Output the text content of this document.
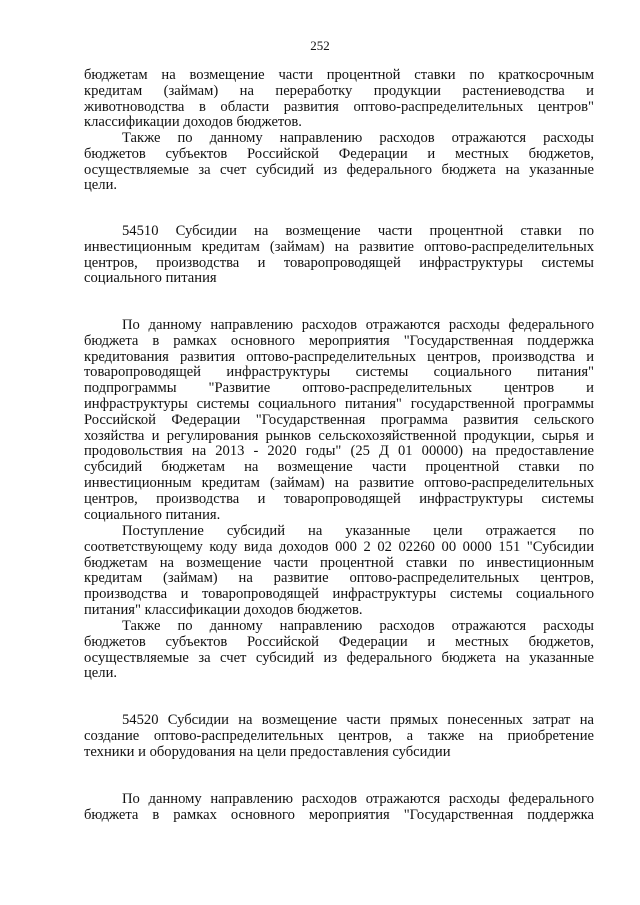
252
бюджетам на возмещение части процентной ставки по краткосрочным
кредитам (займам) на переработку продукции растениеводства и
животноводства в области развития оптово-распределительных центров"
классификации доходов бюджетов.
Также по данному направлению расходов отражаются расходы
бюджетов субъектов Российской Федерации и местных бюджетов,
осуществляемые за счет субсидий из федерального бюджета на указанные
цели.
54510 Субсидии на возмещение части процентной ставки по
инвестиционным кредитам (займам) на развитие оптово-распределительных
центров, производства и товаропроводящей инфраструктуры системы
социального питания
По данному направлению расходов отражаются расходы федерального
бюджета в рамках основного мероприятия "Государственная поддержка
кредитования развития оптово-распределительных центров, производства и
товаропроводящей инфраструктуры системы социального питания"
подпрограммы "Развитие оптово-распределительных центров и
инфраструктуры системы социального питания" государственной программы
Российской Федерации "Государственная программа развития сельского
хозяйства и регулирования рынков сельскохозяйственной продукции, сырья и
продовольствия на 2013 - 2020 годы" (25 Д 01 00000) на предоставление
субсидий бюджетам на возмещение части процентной ставки по
инвестиционным кредитам (займам) на развитие оптово-распределительных
центров, производства и товаропроводящей инфраструктуры системы
социального питания.
Поступление субсидий на указанные цели отражается по
соответствующему коду вида доходов 000 2 02 02260 00 0000 151 "Субсидии
бюджетам на возмещение части процентной ставки по инвестиционным
кредитам (займам) на развитие оптово-распределительных центров,
производства и товаропроводящей инфраструктуры системы социального
питания" классификации доходов бюджетов.
Также по данному направлению расходов отражаются расходы
бюджетов субъектов Российской Федерации и местных бюджетов,
осуществляемые за счет субсидий из федерального бюджета на указанные
цели.
54520 Субсидии на возмещение части прямых понесенных затрат на
создание оптово-распределительных центров, а также на приобретение
техники и оборудования на цели предоставления субсидии
По данному направлению расходов отражаются расходы федерального
бюджета в рамках основного мероприятия "Государственная поддержка
